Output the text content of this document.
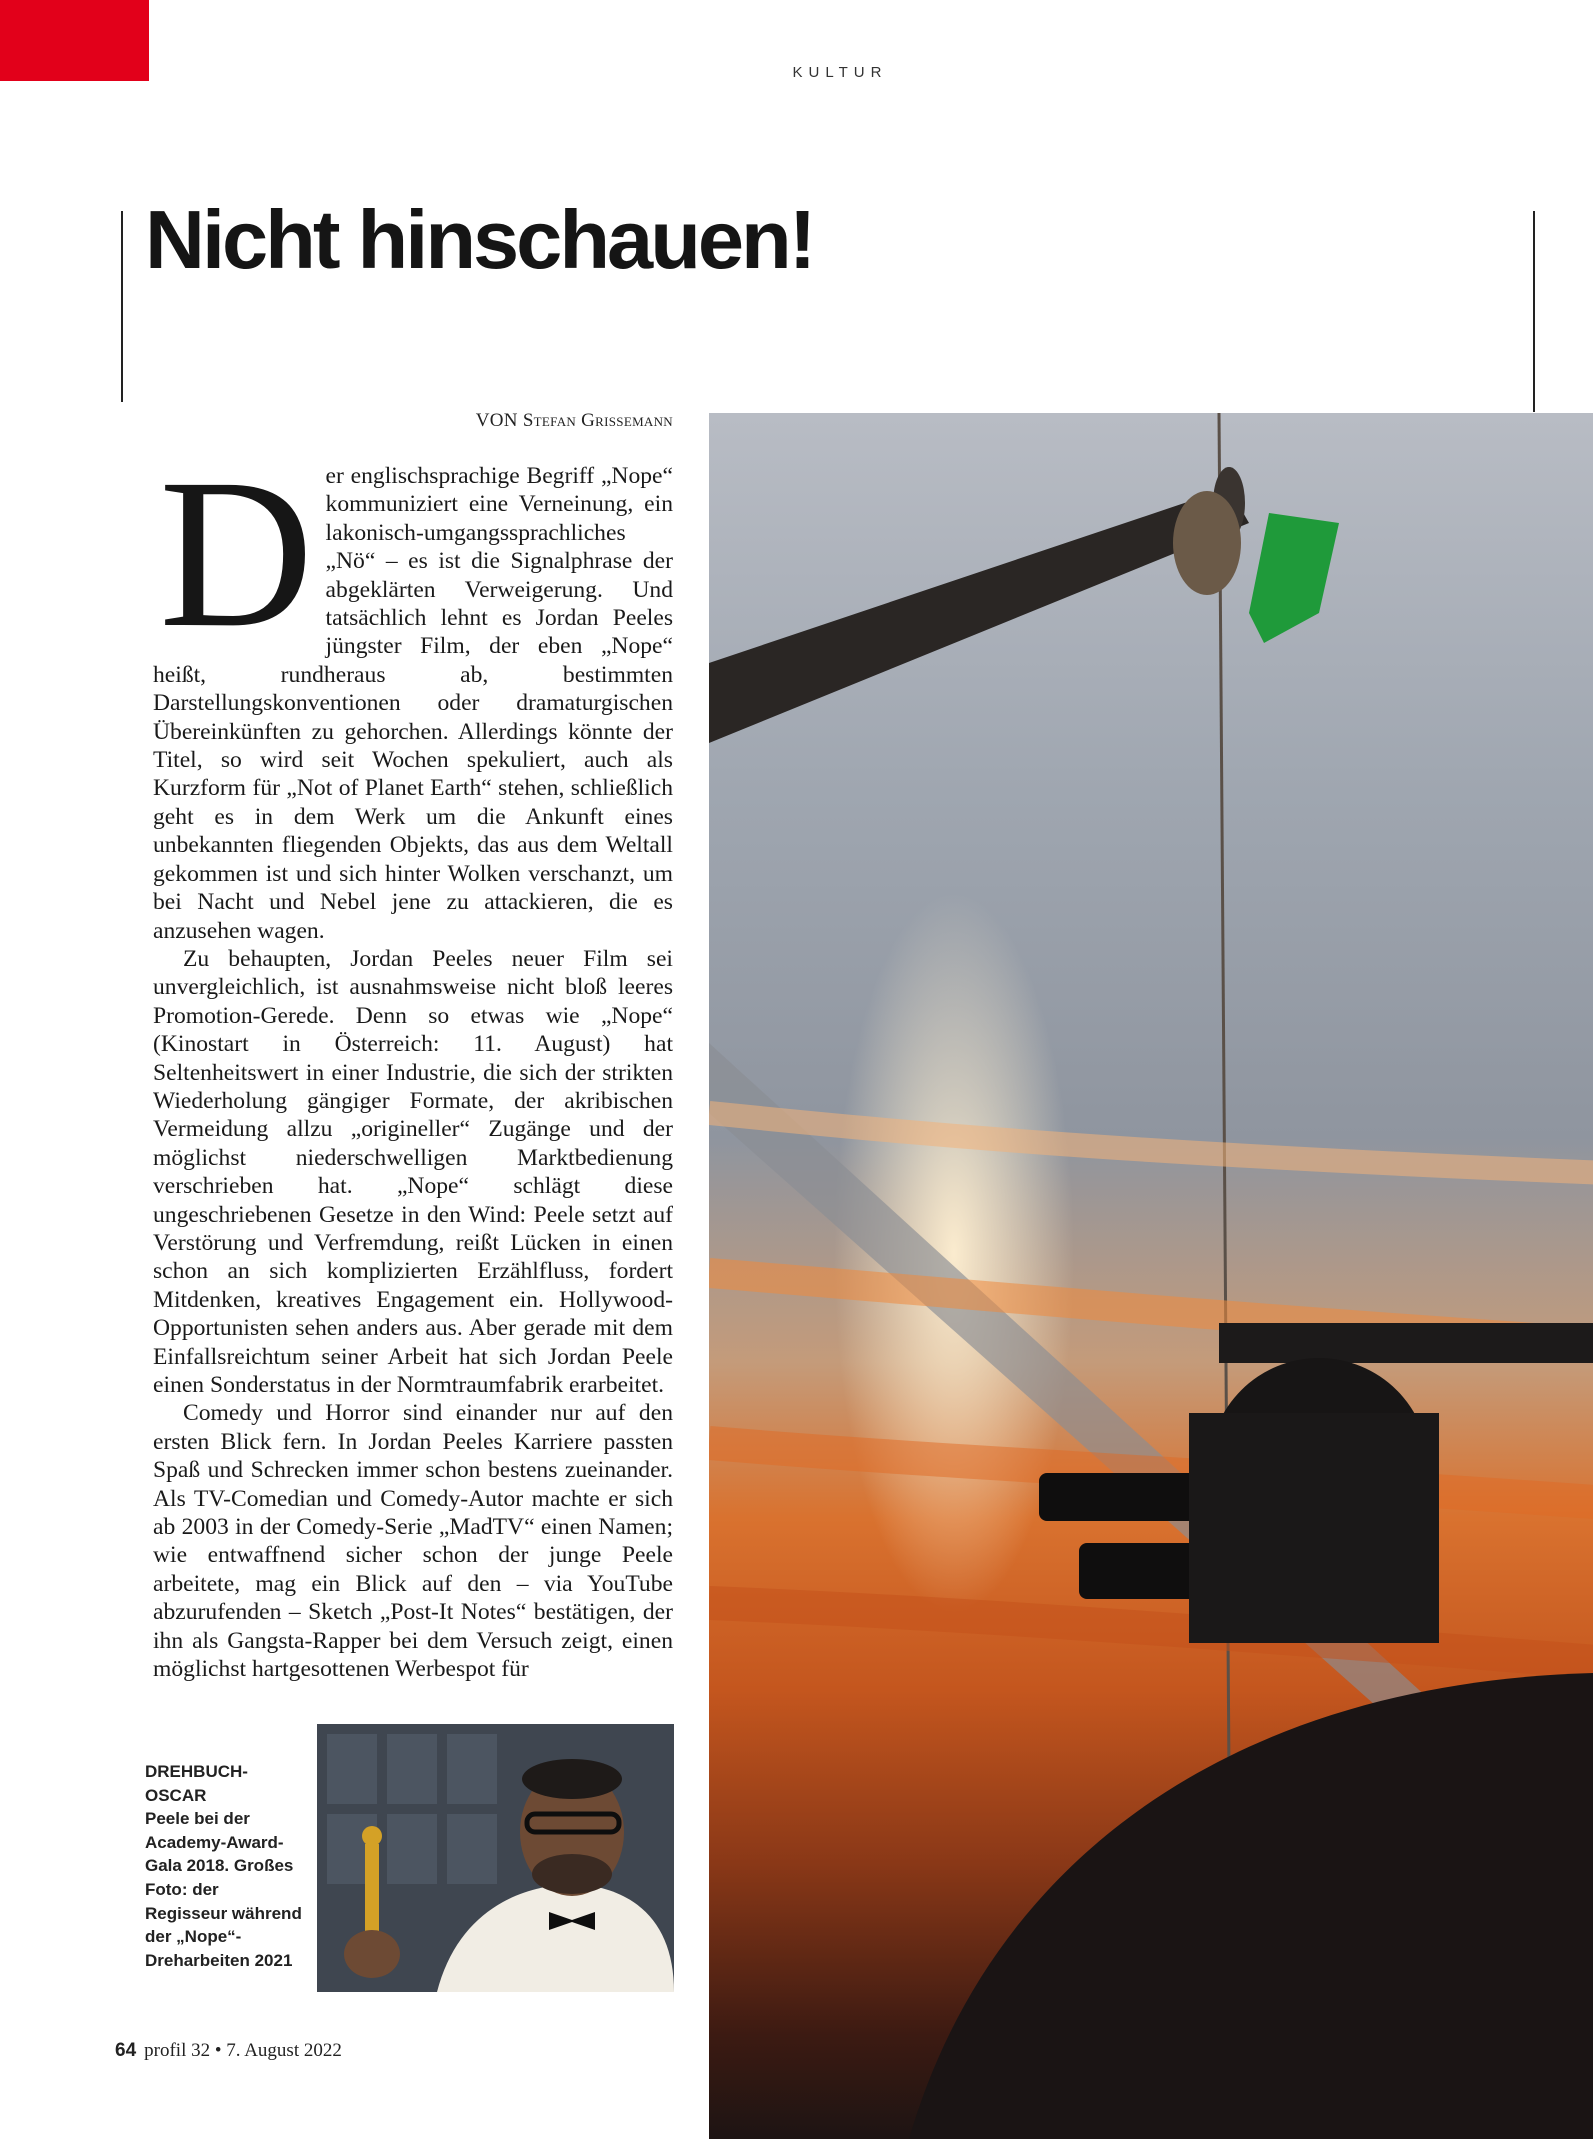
KULTUR
Nicht hinschauen!
VON Stefan Grissemann

Der englischsprachige Begriff „Nope“ kommuniziert eine Verneinung, ein lakonisch-umgangssprachliches „Nö“ – es ist die Signalphrase der abgeklärten Verweigerung. Und tatsächlich lehnt es Jordan Peeles jüngster Film, der eben „Nope“ heißt, rundheraus ab, bestimmten Darstellungskonventionen oder dramaturgischen Übereinkünften zu gehorchen. Allerdings könnte der Titel, so wird seit Wochen spekuliert, auch als Kurzform für „Not of Planet Earth“ stehen, schließlich geht es in dem Werk um die Ankunft eines unbekannten fliegenden Objekts, das aus dem Weltall gekommen ist und sich hinter Wolken verschanzt, um bei Nacht und Nebel jene zu attackieren, die es anzusehen wagen.

Zu behaupten, Jordan Peeles neuer Film sei unvergleichlich, ist ausnahmsweise nicht bloß leeres Promotion-Gerede. Denn so etwas wie „Nope“ (Kinostart in Österreich: 11. August) hat Seltenheitswert in einer Industrie, die sich der strikten Wiederholung gängiger Formate, der akribischen Vermeidung allzu „origineller“ Zugänge und der möglichst niederschwelligen Marktbedienung verschrieben hat. „Nope“ schlägt diese ungeschriebenen Gesetze in den Wind: Peele setzt auf Verstörung und Verfremdung, reißt Lücken in einen schon an sich komplizierten Erzählfluss, fordert Mitdenken, kreatives Engagement ein. Hollywood-Opportunisten sehen anders aus. Aber gerade mit dem Einfallsreichtum seiner Arbeit hat sich Jordan Peele einen Sonderstatus in der Normtraumfabrik erarbeitet.

Comedy und Horror sind einander nur auf den ersten Blick fern. In Jordan Peeles Karriere passten Spaß und Schrecken immer schon bestens zueinander. Als TV-Comedian und Comedy-Autor machte er sich ab 2003 in der Comedy-Serie „MadTV“ einen Namen; wie entwaffnend sicher schon der junge Peele arbeitete, mag ein Blick auf den – via YouTube abzurufenden – Sketch „Post-It Notes“ bestätigen, der ihn als Gangsta-Rapper bei dem Versuch zeigt, einen möglichst hartgesottenen Werbespot für

DREHBUCH-OSCAR
Peele bei der Academy-Award-Gala 2018. Großes Foto: der Regisseur während der „Nope“-Dreharbeiten 2021
64 profil 32 • 7. August 2022
